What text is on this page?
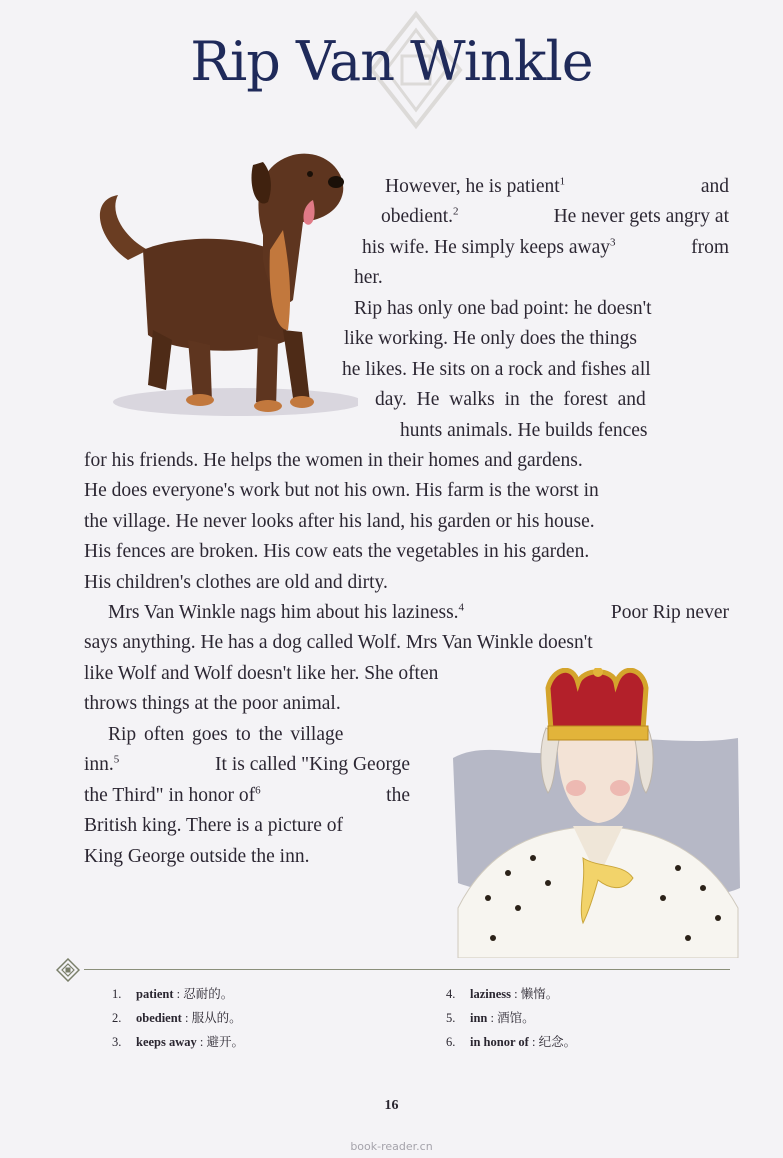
Rip Van Winkle
However, he is patient$^1$	and
obedient.$^2$	He never gets angry at
his wife. He simply keeps away$^3$	from
her.
Rip has only one bad point: he doesn't
like working. He only does the things
he likes. He sits on a rock and fishes all
day. He walks in the forest and
hunts animals. He builds fences
for his friends. He helps the women in their homes and gardens.
He does everyone's work but not his own. His farm is the worst in
the village. He never looks after his land, his garden or his house.
His fences are broken. His cow eats the vegetables in his garden.
His children's clothes are old and dirty.
Mrs Van Winkle nags him about his laziness.$^4$	Poor Rip never
says anything. He has a dog called Wolf. Mrs Van Winkle doesn't
like Wolf and Wolf doesn't like her. She often
throws things at the poor animal.
Rip often goes to the village
inn.$^5$	It is called "King George
the Third" in honor $of^6$	the
British king. There is a picture of
King George outside the inn.
1. patient : 忍耐的。
2. obedient : 服从的。
3. keeps away : 避开。
4. laziness : 懒惰。
5. inn : 酒馆。
6. in honor of : 纪念。
16
book-reader.cn
